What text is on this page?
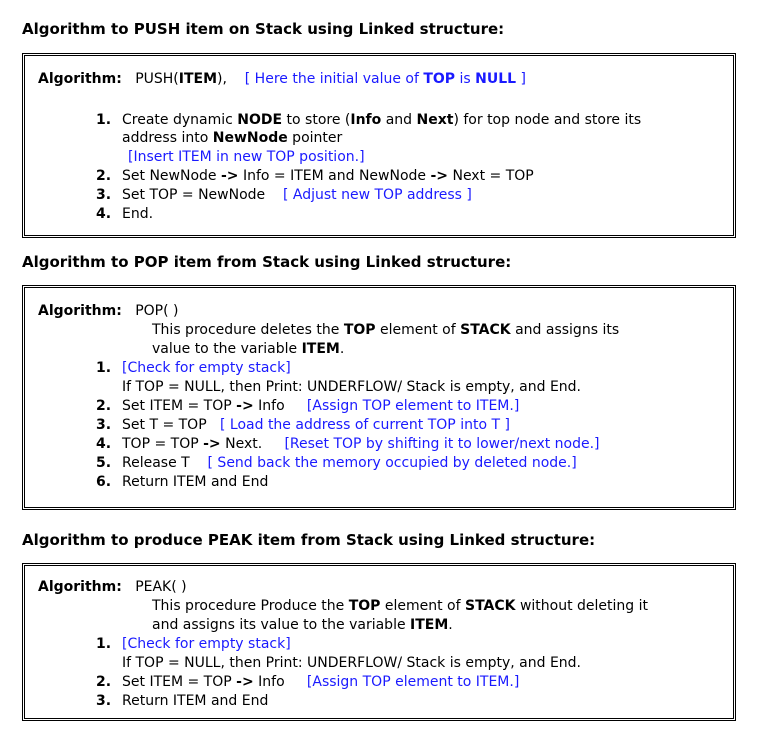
Algorithm to PUSH item on Stack using Linked structure:
Algorithm: PUSH(ITEM), [ Here the initial value of TOP is NULL ]
1. Create dynamic NODE to store (Info and Next) for top node and store its
address into NewNode pointer
[Insert ITEM in new TOP position.]
2. Set NewNode -> Info = ITEM and NewNode -> Next = TOP
3. Set TOP = NewNode [ Adjust new TOP address ]
4. End.
Algorithm to POP item from Stack using Linked structure:
Algorithm: POP( )
This procedure deletes the TOP element of STACK and assigns its
value to the variable ITEM.
1. [Check for empty stack]
If TOP = NULL, then Print: UNDERFLOW/ Stack is empty, and End.
2. Set ITEM = TOP -> Info [Assign TOP element to ITEM.]
3. Set T = TOP [ Load the address of current TOP into T ]
4. TOP = TOP -> Next. [Reset TOP by shifting it to lower/next node.]
5. Release T [ Send back the memory occupied by deleted node.]
6. Return ITEM and End
Algorithm to produce PEAK item from Stack using Linked structure:
Algorithm: PEAK( )
This procedure Produce the TOP element of STACK without deleting it
and assigns its value to the variable ITEM.
1. [Check for empty stack]
If TOP = NULL, then Print: UNDERFLOW/ Stack is empty, and End.
2. Set ITEM = TOP -> Info [Assign TOP element to ITEM.]
3. Return ITEM and End
